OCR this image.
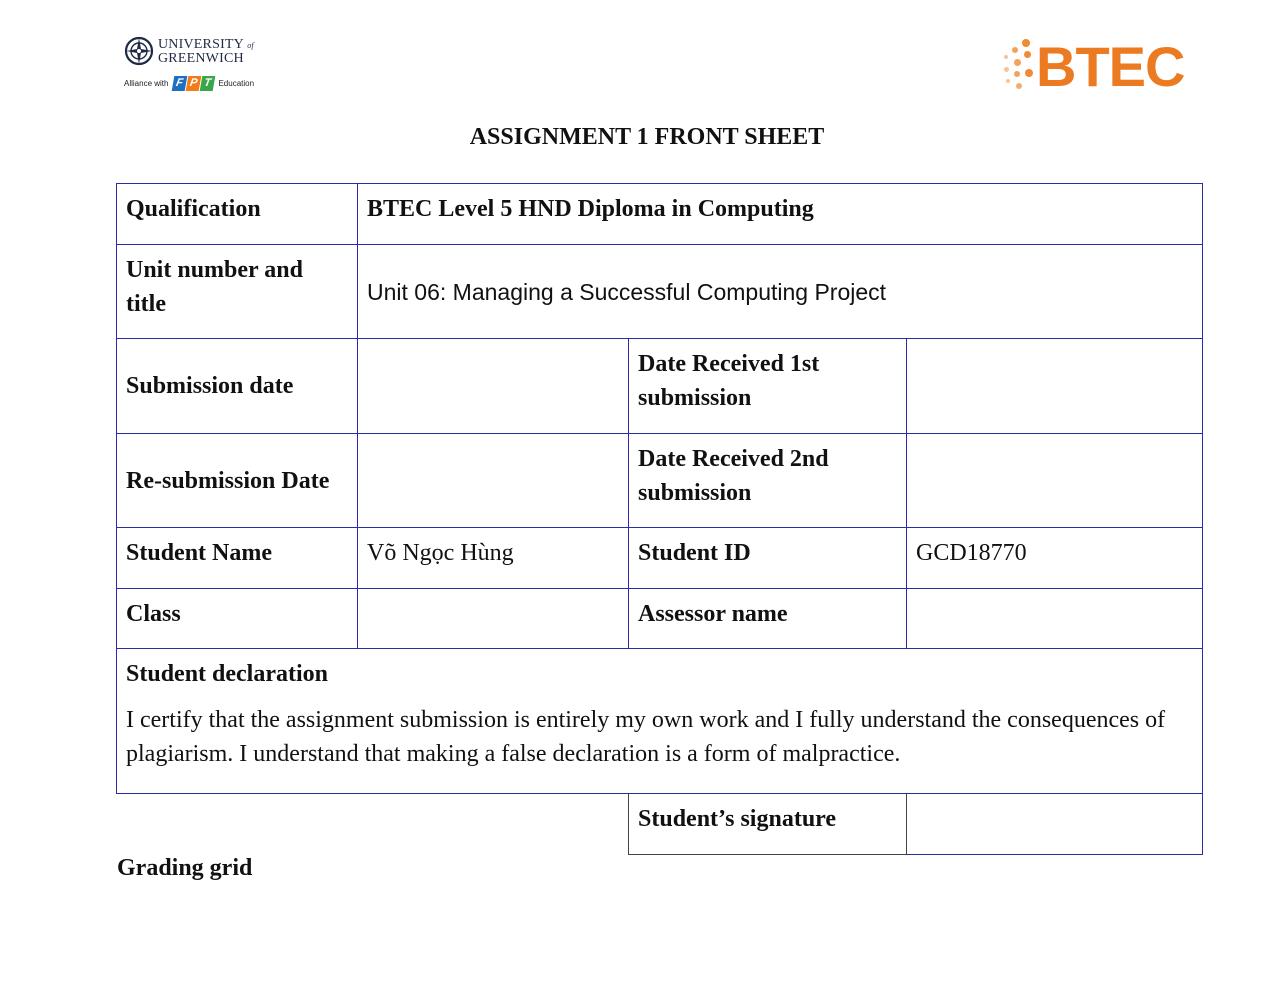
UNIVERSITY of
GREENWICH
Alliance with F P T Education	BTEC
ASSIGNMENT 1 FRONT SHEET
Qualification	BTEC Level 5 HND Diploma in Computing		
Unit number and title	Unit 06: Managing a Successful Computing Project		
Submission date		Date Received 1st submission	
Re-submission Date		Date Received 2nd submission	
Student Name	Võ Ngọc Hùng	Student ID	GCD18770
Class		Assessor name	

Student declaration
I certify that the assignment submission is entirely my own work and I fully understand the consequences of plagiarism. I understand that making a false declaration is a form of malpractice.			

		Student’s signature	
Grading grid
